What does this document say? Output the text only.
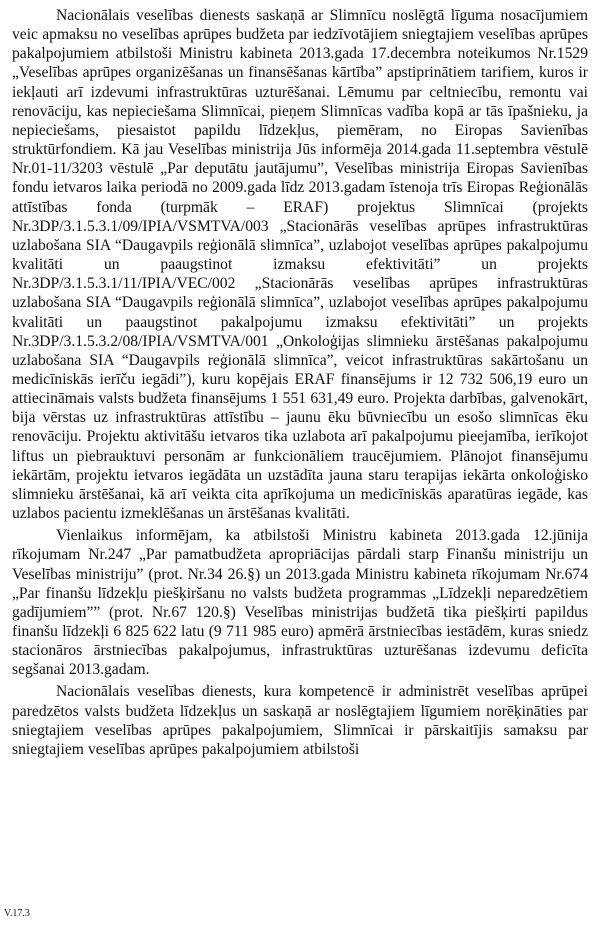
Nacionālais veselības dienests saskaņā ar Slimnīcu noslēgtā līguma nosacījumiem veic apmaksu no veselības aprūpes budžeta par iedzīvotājiem sniegtajiem veselības aprūpes pakalpojumiem atbilstoši Ministru kabineta 2013.gada 17.decembra noteikumos Nr.1529 „Veselības aprūpes organizēšanas un finansēšanas kārtība” apstiprinātiem tarifiem, kuros ir iekļauti arī izdevumi infrastruktūras uzturēšanai. Lēmumu par celtniecību, remontu vai renovāciju, kas nepieciešama Slimnīcai, pieņem Slimnīcas vadība kopā ar tās īpašnieku, ja nepieciešams, piesaistot papildu līdzekļus, piemēram, no Eiropas Savienības struktūrfondiem. Kā jau Veselības ministrija Jūs informēja 2014.gada 11.septembra vēstulē Nr.01-11/3203 vēstulē „Par deputātu jautājumu”, Veselības ministrija Eiropas Savienības fondu ietvaros laika periodā no 2009.gada līdz 2013.gadam īstenoja trīs Eiropas Reģionālās attīstības fonda (turpmāk – ERAF) projektus Slimnīcai (projekts Nr.3DP/3.1.5.3.1/09/IPIA/VSMTVA/003 „Stacionārās veselības aprūpes infrastruktūras uzlabošana SIA “Daugavpils reģionālā slimnīca”, uzlabojot veselības aprūpes pakalpojumu kvalitāti un paaugstinot izmaksu efektivitāti” un projekts Nr.3DP/3.1.5.3.1/11/IPIA/VEC/002 „Stacionārās veselības aprūpes infrastruktūras uzlabošana SIA “Daugavpils reģionālā slimnīca”, uzlabojot veselības aprūpes pakalpojumu kvalitāti un paaugstinot pakalpojumu izmaksu efektivitāti” un projekts Nr.3DP/3.1.5.3.2/08/IPIA/VSMTVA/001 „Onkoloģijas slimnieku ārstēšanas pakalpojumu uzlabošana SIA “Daugavpils reģionālā slimnīca”, veicot infrastruktūras sakārtošanu un medicīniskās ierīču iegādi”), kuru kopējais ERAF finansējums ir 12 732 506,19 euro un attiecināmais valsts budžeta finansējums 1 551 631,49 euro. Projekta darbības, galvenokārt, bija vērstas uz infrastruktūras attīstību – jaunu ēku būvniecību un esošo slimnīcas ēku renovāciju. Projektu aktivitāšu ietvaros tika uzlabota arī pakalpojumu pieejamība, ierīkojot liftus un piebrauktuvi personām ar funkcionāliem traucējumiem. Plānojot finansējumu iekārtām, projektu ietvaros iegādāta un uzstādīta jauna staru terapijas iekārta onkoloģisko slimnieku ārstēšanai, kā arī veikta cita aprīkojuma un medicīniskās aparatūras iegāde, kas uzlabos pacientu izmeklēšanas un ārstēšanas kvalitāti.

Vienlaikus informējam, ka atbilstoši Ministru kabineta 2013.gada 12.jūnija rīkojumam Nr.247 „Par pamatbudžeta apropriācijas pārdali starp Finanšu ministriju un Veselības ministriju” (prot. Nr.34 26.§) un 2013.gada Ministru kabineta rīkojumam Nr.674 „Par finanšu līdzekļu piešķiršanu no valsts budžeta programmas „Līdzekļi neparedzētiem gadījumiem”” (prot. Nr.67 120.§) Veselības ministrijas budžetā tika piešķirti papildus finanšu līdzekļi 6 825 622 latu (9 711 985 euro) apmērā ārstniecības iestādēm, kuras sniedz stacionāros ārstniecības pakalpojumus, infrastruktūras uzturēšanas izdevumu deficīta segšanai 2013.gadam.

Nacionālais veselības dienests, kura kompetencē ir administrēt veselības aprūpei paredzētos valsts budžeta līdzekļus un saskaņā ar noslēgtajiem līgumiem norēķināties par sniegtajiem veselības aprūpes pakalpojumiem, Slimnīcai ir pārskaitījis samaksu par sniegtajiem veselības aprūpes pakalpojumiem atbilstoši

V.17.3
